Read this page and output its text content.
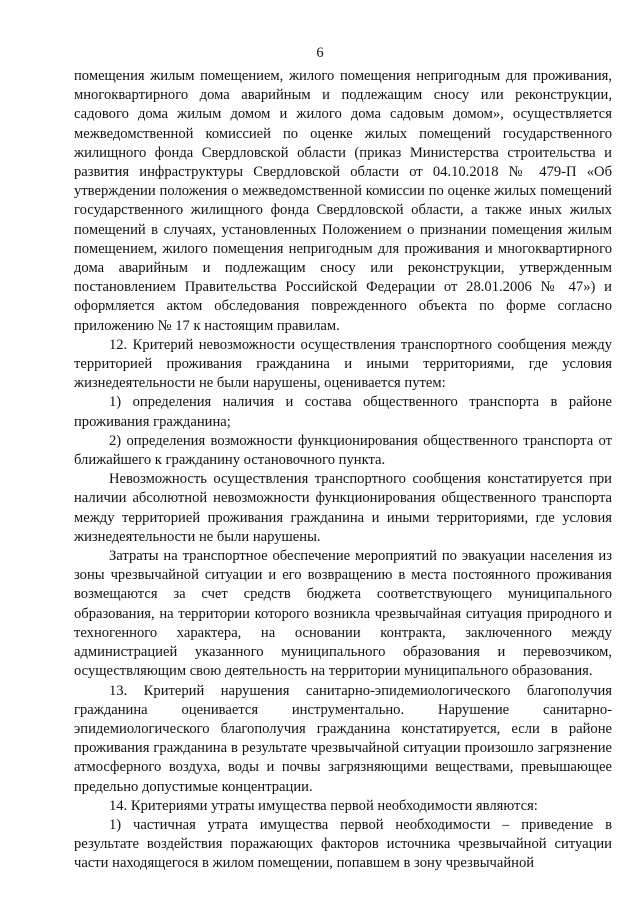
6

помещения жилым помещением, жилого помещения непригодным для проживания, многоквартирного дома аварийным и подлежащим сносу или реконструкции, садового дома жилым домом и жилого дома садовым домом», осуществляется межведомственной комиссией по оценке жилых помещений государственного жилищного фонда Свердловской области (приказ Министерства строительства и развития инфраструктуры Свердловской области от 04.10.2018 № 479-П «Об утверждении положения о межведомственной комиссии по оценке жилых помещений государственного жилищного фонда Свердловской области, а также иных жилых помещений в случаях, установленных Положением о признании помещения жилым помещением, жилого помещения непригодным для проживания и многоквартирного дома аварийным и подлежащим сносу или реконструкции, утвержденным постановлением Правительства Российской Федерации от 28.01.2006 № 47») и оформляется актом обследования поврежденного объекта по форме согласно приложению № 17 к настоящим правилам.

12. Критерий невозможности осуществления транспортного сообщения между территорией проживания гражданина и иными территориями, где условия жизнедеятельности не были нарушены, оценивается путем:

1) определения наличия и состава общественного транспорта в районе проживания гражданина;

2) определения возможности функционирования общественного транспорта от ближайшего к гражданину остановочного пункта.

Невозможность осуществления транспортного сообщения констатируется при наличии абсолютной невозможности функционирования общественного транспорта между территорией проживания гражданина и иными территориями, где условия жизнедеятельности не были нарушены.

Затраты на транспортное обеспечение мероприятий по эвакуации населения из зоны чрезвычайной ситуации и его возвращению в места постоянного проживания возмещаются за счет средств бюджета соответствующего муниципального образования, на территории которого возникла чрезвычайная ситуация природного и техногенного характера, на основании контракта, заключенного между администрацией указанного муниципального образования и перевозчиком, осуществляющим свою деятельность на территории муниципального образования.

13. Критерий нарушения санитарно-эпидемиологического благополучия гражданина оценивается инструментально. Нарушение санитарно-эпидемиологического благополучия гражданина констатируется, если в районе проживания гражданина в результате чрезвычайной ситуации произошло загрязнение атмосферного воздуха, воды и почвы загрязняющими веществами, превышающее предельно допустимые концентрации.

14. Критериями утраты имущества первой необходимости являются:

1) частичная утрата имущества первой необходимости – приведение в результате воздействия поражающих факторов источника чрезвычайной ситуации части находящегося в жилом помещении, попавшем в зону чрезвычайной
